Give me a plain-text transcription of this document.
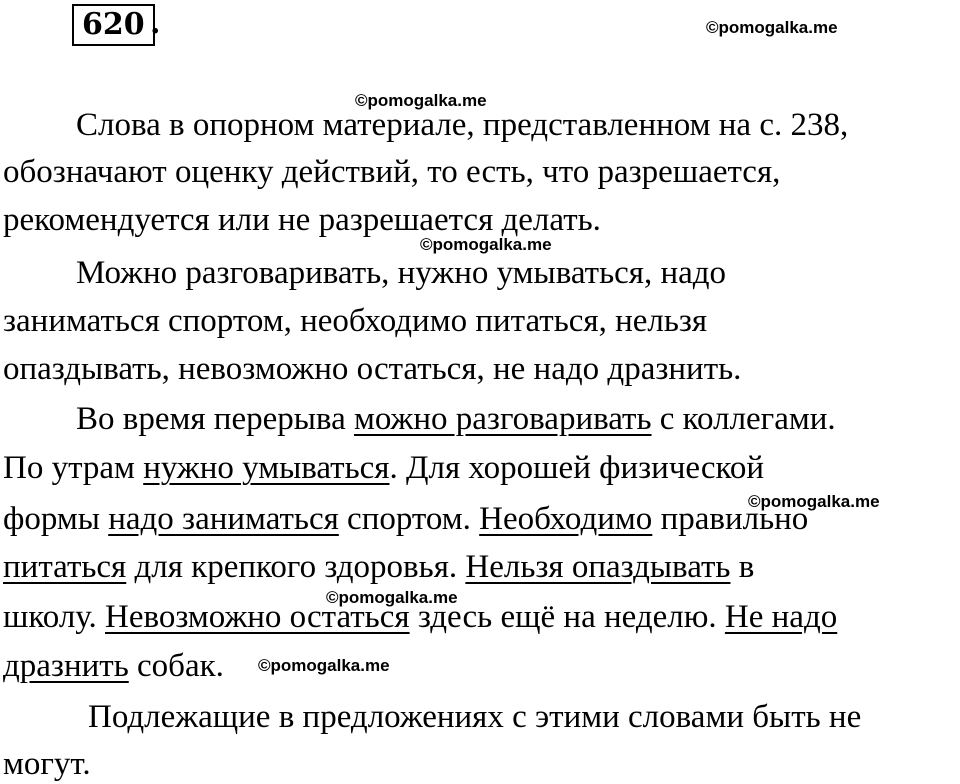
620 .	©pomogalka.me
©pomogalka.me
©pomogalka.me
©pomogalka.me
©pomogalka.me
©pomogalka.me
Слова в опорном материале, представленном на с. 238,
обозначают оценку действий, то есть, что разрешается,
рекомендуется или не разрешается делать.
Можно разговаривать, нужно умываться, надо
заниматься спортом, необходимо питаться, нельзя
опаздывать, невозможно остаться, не надо дразнить.
Во время перерыва можно разговаривать с коллегами.
По утрам нужно умываться. Для хорошей физической
формы надо заниматься спортом. Необходимо правильно
питаться для крепкого здоровья. Нельзя опаздывать в
школу. Невозможно остаться здесь ещё на неделю. Не надо
дразнить собак.
Подлежащие в предложениях с этими словами быть не
могут.
